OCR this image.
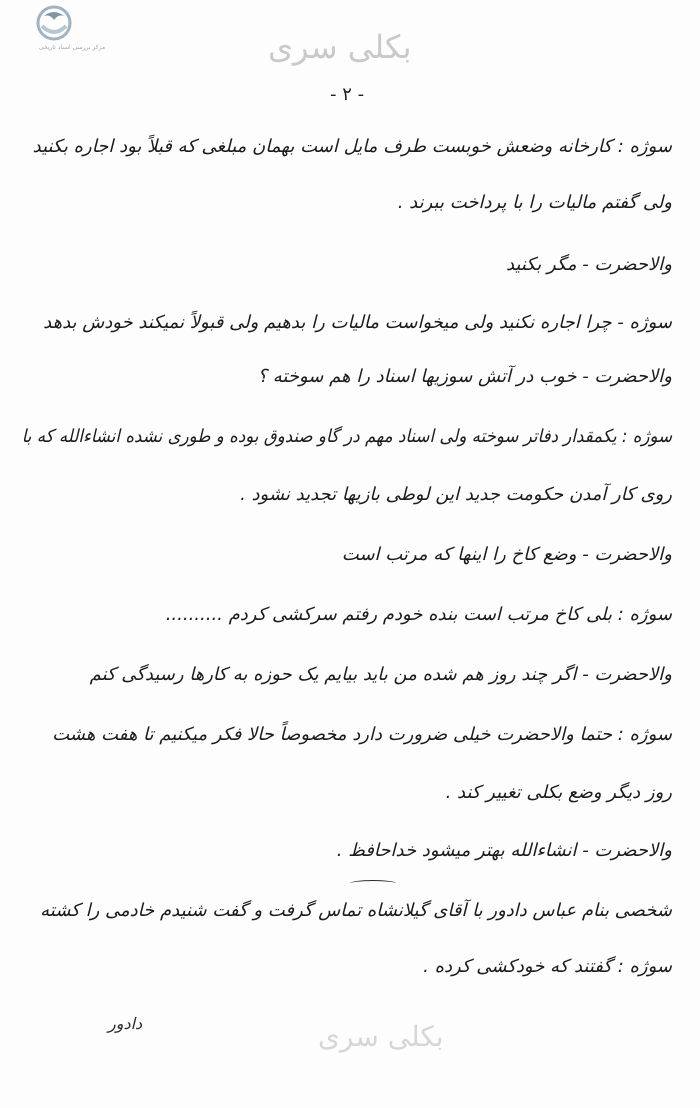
مرکز بررسی اسناد تاریخی	بکلی سری
- ۲ -
سوژه : کارخانه وضعش خوبست طرف مایل است بهمان مبلغی که قبلاً بود اجاره بکنید
ولی گفتم مالیات را با پرداخت ببرند .
والاحضرت - مگر بکنید
سوژه - چرا اجاره نکنید ولی میخواست مالیات را بدهیم ولی قبولاً نمیکند خودش بدهد
والاحضرت - خوب در آتش سوزیها اسناد را هم سوخته ؟
سوژه : یکمقدار دفاتر سوخته ولی اسناد مهم در گاو صندوق بوده و طوری نشده انشاءالله که با
روی کار آمدن حکومت جدید این لوطی بازیها تجدید نشود .
والاحضرت - وضع کاخ را اینها که مرتب است
سوژه : بلی کاخ مرتب است بنده خودم رفتم سرکشی کردم ..........
والاحضرت - اگر چند روز هم شده من باید بیایم یک حوزه به کارها رسیدگی کنم
سوژه : حتما والاحضرت خیلی ضرورت دارد مخصوصاً حالا فکر میکنیم تا هفت هشت
روز دیگر وضع بکلی تغییر کند .
والاحضرت - انشاءالله بهتر میشود خداحافظ .
شخصی بنام عباس دادور با آقای گیلانشاه تماس گرفت و گفت شنیدم خادمی را کشته
سوژه : گفتند که خودکشی کرده .
دادور	بکلی سری
